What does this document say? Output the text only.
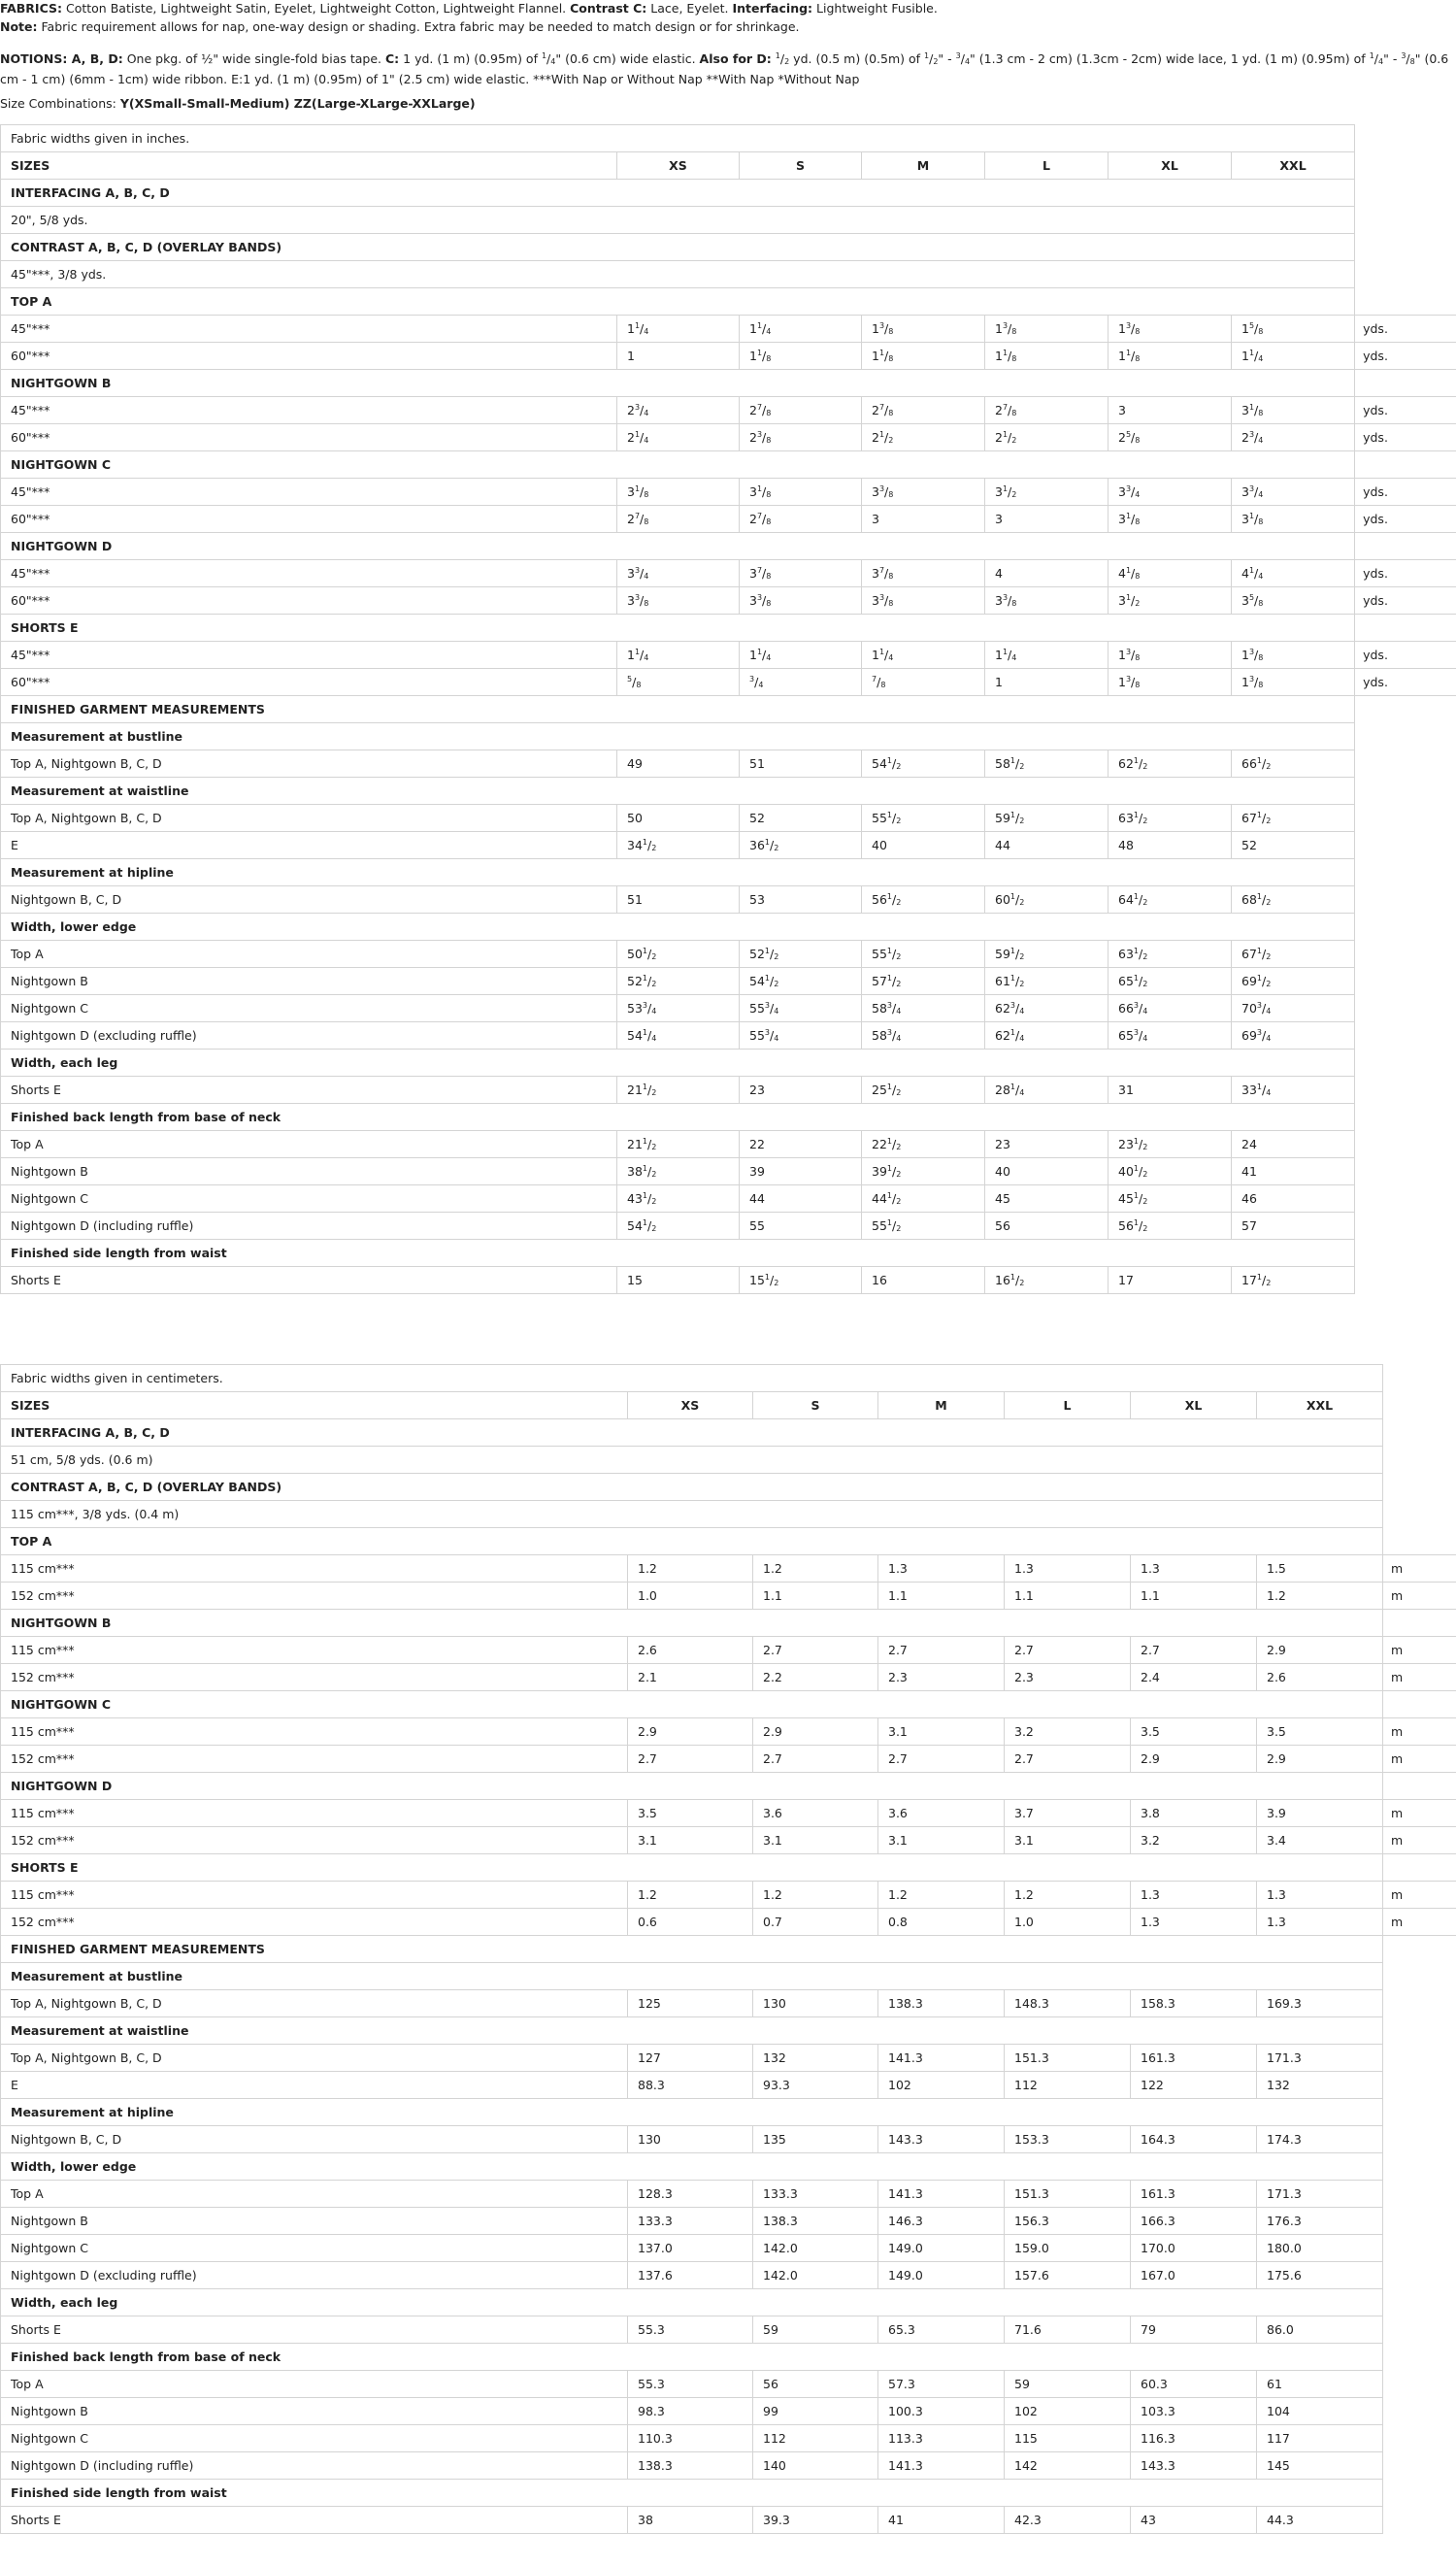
FABRICS: Cotton Batiste, Lightweight Satin, Eyelet, Lightweight Cotton, Lightweight Flannel. Contrast C: Lace, Eyelet. Interfacing: Lightweight Fusible.
Note: Fabric requirement allows for nap, one-way design or shading. Extra fabric may be needed to match design or for shrinkage.
NOTIONS: A, B, D: One pkg. of ½" wide single-fold bias tape. C: 1 yd. (1 m) (0.95m) of $^1/_4$" (0.6 cm) wide elastic. Also for D: $^1/_2$ yd. (0.5 m) (0.5m) of $^1/_2$" - $^3/_4$" (1.3 cm - 2 cm) (1.3cm - 2cm) wide lace, 1 yd. (1 m) (0.95m) of $^1/_4$" - $^3/_8$" (0.6 cm - 1 cm) (6mm - 1cm) wide ribbon. E:1 yd. (1 m) (0.95m) of 1" (2.5 cm) wide elastic. ***With Nap or Without Nap **With Nap *Without Nap
Size Combinations: Y(XSmall-Small-Medium) ZZ(Large-XLarge-XXLarge)
Fabric widths given in inches.							
SIZES	XS	S	M	L	XL	XXL	
INTERFACING A, B, C, D							
20", 5/8 yds.							
CONTRAST A, B, C, D (OVERLAY BANDS)							
45"***, 3/8 yds.							
TOP A							
45"***	$1^1/_4$	$1^1/_4$	$1^3/_8$	$1^3/_8$	$1^3/_8$	$1^5/_8$	yds.
60"***	1	$1^1/_8$	$1^1/_8$	$1^1/_8$	$1^1/_8$	$1^1/_4$	yds.
NIGHTGOWN B							
45"***	$2^3/_4$	$2^7/_8$	$2^7/_8$	$2^7/_8$	3	$3^1/_8$	yds.
60"***	$2^1/_4$	$2^3/_8$	$2^1/_2$	$2^1/_2$	$2^5/_8$	$2^3/_4$	yds.
NIGHTGOWN C							
45"***	$3^1/_8$	$3^1/_8$	$3^3/_8$	$3^1/_2$	$3^3/_4$	$3^3/_4$	yds.
60"***	$2^7/_8$	$2^7/_8$	3	3	$3^1/_8$	$3^1/_8$	yds.
NIGHTGOWN D							
45"***	$3^3/_4$	$3^7/_8$	$3^7/_8$	4	$4^1/_8$	$4^1/_4$	yds.
60"***	$3^3/_8$	$3^3/_8$	$3^3/_8$	$3^3/_8$	$3^1/_2$	$3^5/_8$	yds.
SHORTS E							
45"***	$1^1/_4$	$1^1/_4$	$1^1/_4$	$1^1/_4$	$1^3/_8$	$1^3/_8$	yds.
60"***	$^5/_8$	$^3/_4$	$^7/_8$	1	$1^3/_8$	$1^3/_8$	yds.
FINISHED GARMENT MEASUREMENTS							
Measurement at bustline							
Top A, Nightgown B, C, D	49	51	$54^1/_2$	$58^1/_2$	$62^1/_2$	$66^1/_2$	
Measurement at waistline							
Top A, Nightgown B, C, D	50	52	$55^1/_2$	$59^1/_2$	$63^1/_2$	$67^1/_2$	
E	$34^1/_2$	$36^1/_2$	40	44	48	52	
Measurement at hipline							
Nightgown B, C, D	51	53	$56^1/_2$	$60^1/_2$	$64^1/_2$	$68^1/_2$	
Width, lower edge							
Top A	$50^1/_2$	$52^1/_2$	$55^1/_2$	$59^1/_2$	$63^1/_2$	$67^1/_2$	
Nightgown B	$52^1/_2$	$54^1/_2$	$57^1/_2$	$61^1/_2$	$65^1/_2$	$69^1/_2$	
Nightgown C	$53^3/_4$	$55^3/_4$	$58^3/_4$	$62^3/_4$	$66^3/_4$	$70^3/_4$	
Nightgown D (excluding ruffle)	$54^1/_4$	$55^3/_4$	$58^3/_4$	$62^1/_4$	$65^3/_4$	$69^3/_4$	
Width, each leg							
Shorts E	$21^1/_2$	23	$25^1/_2$	$28^1/_4$	31	$33^1/_4$	
Finished back length from base of neck							
Top A	$21^1/_2$	22	$22^1/_2$	23	$23^1/_2$	24	
Nightgown B	$38^1/_2$	39	$39^1/_2$	40	$40^1/_2$	41	
Nightgown C	$43^1/_2$	44	$44^1/_2$	45	$45^1/_2$	46	
Nightgown D (including ruffle)	$54^1/_2$	55	$55^1/_2$	56	$56^1/_2$	57	
Finished side length from waist							
Shorts E	15	$15^1/_2$	16	$16^1/_2$	17	$17^1/_2$	
Fabric widths given in centimeters.							
SIZES	XS	S	M	L	XL	XXL	
INTERFACING A, B, C, D							
51 cm, 5/8 yds. (0.6 m)							
CONTRAST A, B, C, D (OVERLAY BANDS)							
115 cm***, 3/8 yds. (0.4 m)							
TOP A							
115 cm***	1.2	1.2	1.3	1.3	1.3	1.5	m
152 cm***	1.0	1.1	1.1	1.1	1.1	1.2	m
NIGHTGOWN B							
115 cm***	2.6	2.7	2.7	2.7	2.7	2.9	m
152 cm***	2.1	2.2	2.3	2.3	2.4	2.6	m
NIGHTGOWN C							
115 cm***	2.9	2.9	3.1	3.2	3.5	3.5	m
152 cm***	2.7	2.7	2.7	2.7	2.9	2.9	m
NIGHTGOWN D							
115 cm***	3.5	3.6	3.6	3.7	3.8	3.9	m
152 cm***	3.1	3.1	3.1	3.1	3.2	3.4	m
SHORTS E							
115 cm***	1.2	1.2	1.2	1.2	1.3	1.3	m
152 cm***	0.6	0.7	0.8	1.0	1.3	1.3	m
FINISHED GARMENT MEASUREMENTS							
Measurement at bustline							
Top A, Nightgown B, C, D	125	130	138.3	148.3	158.3	169.3	
Measurement at waistline							
Top A, Nightgown B, C, D	127	132	141.3	151.3	161.3	171.3	
E	88.3	93.3	102	112	122	132	
Measurement at hipline							
Nightgown B, C, D	130	135	143.3	153.3	164.3	174.3	
Width, lower edge							
Top A	128.3	133.3	141.3	151.3	161.3	171.3	
Nightgown B	133.3	138.3	146.3	156.3	166.3	176.3	
Nightgown C	137.0	142.0	149.0	159.0	170.0	180.0	
Nightgown D (excluding ruffle)	137.6	142.0	149.0	157.6	167.0	175.6	
Width, each leg							
Shorts E	55.3	59	65.3	71.6	79	86.0	
Finished back length from base of neck							
Top A	55.3	56	57.3	59	60.3	61	
Nightgown B	98.3	99	100.3	102	103.3	104	
Nightgown C	110.3	112	113.3	115	116.3	117	
Nightgown D (including ruffle)	138.3	140	141.3	142	143.3	145	
Finished side length from waist							
Shorts E	38	39.3	41	42.3	43	44.3	
